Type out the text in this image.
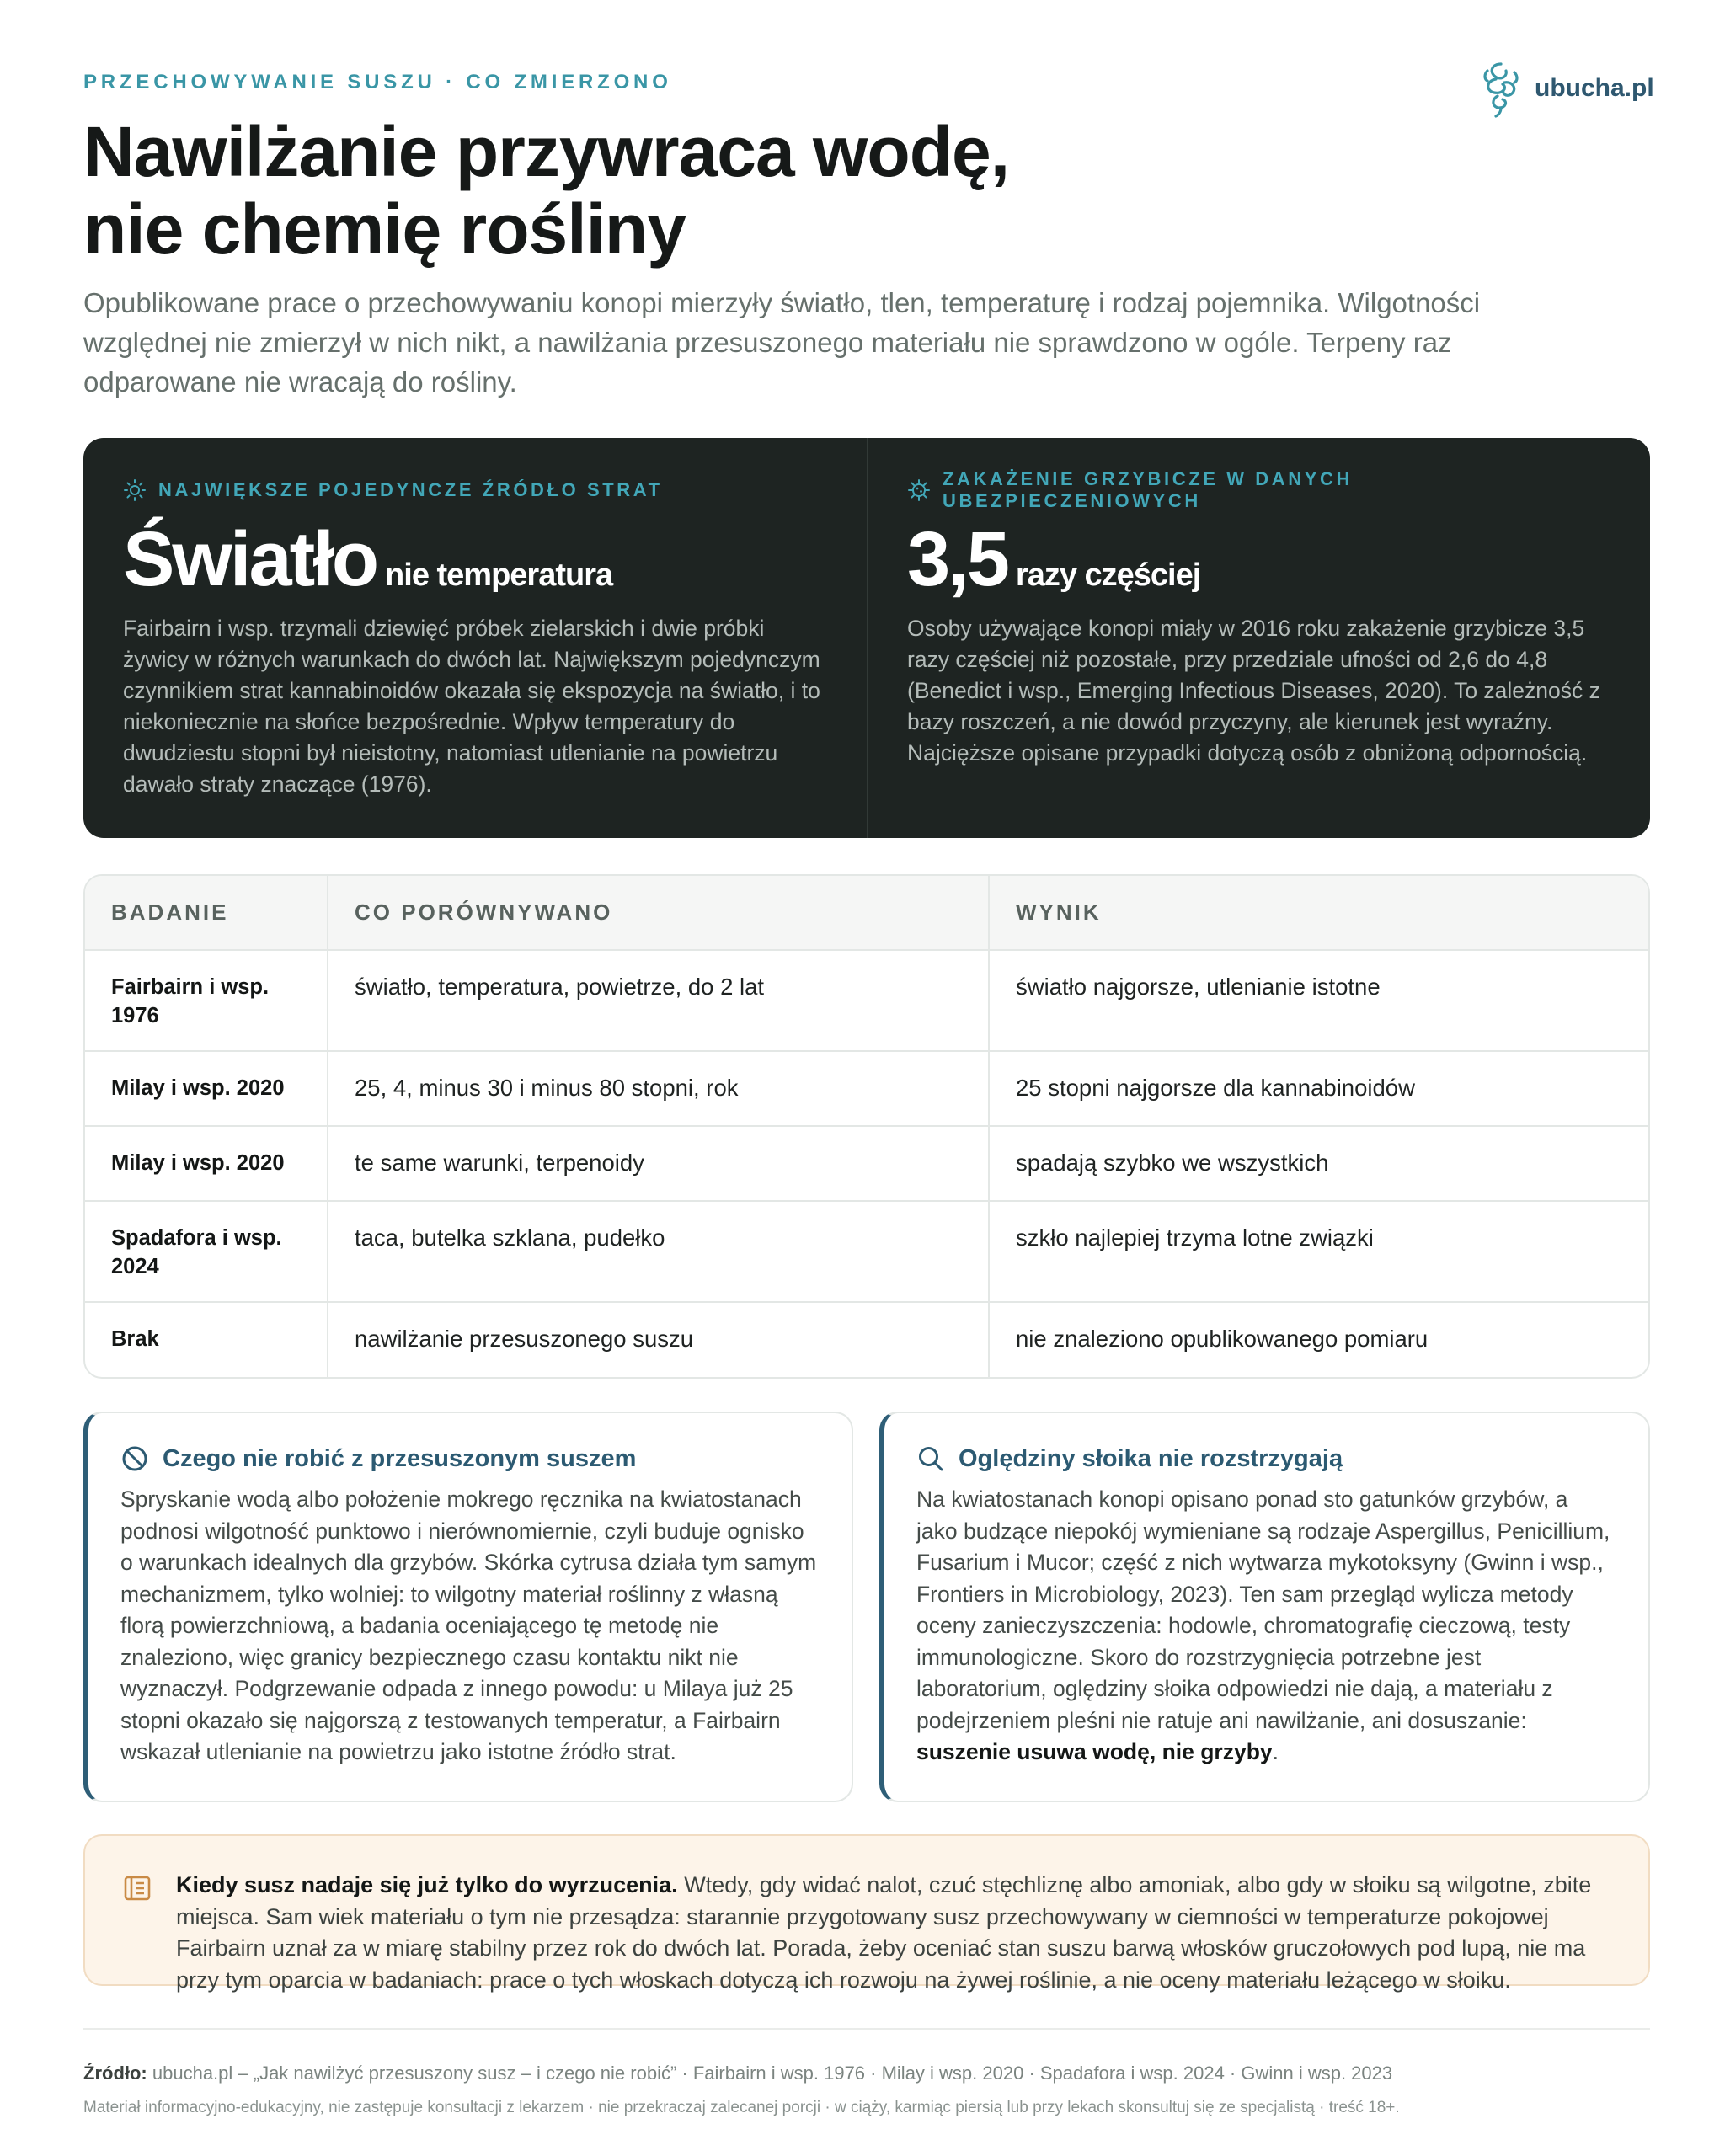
PRZECHOWYWANIE SUSZU · CO ZMIERZONO	ubucha.pl
Nawilżanie przywraca wodę,
nie chemię rośliny

Opublikowane prace o przechowywaniu konopi mierzyły światło, tlen, temperaturę i rodzaj pojemnika. Wilgotności względnej nie zmierzył w nich nikt, a nawilżania przesuszonego materiału nie sprawdzono w ogóle. Terpeny raz odparowane nie wracają do rośliny.

NAJWIĘKSZE POJEDYNCZE ŹRÓDŁO STRAT
Światło nie temperatura

Fairbairn i wsp. trzymali dziewięć próbek zielarskich i dwie próbki żywicy w różnych warunkach do dwóch lat. Największym pojedynczym czynnikiem strat kannabinoidów okazała się ekspozycja na światło, i to niekoniecznie na słońce bezpośrednie. Wpływ temperatury do dwudziestu stopni był nieistotny, natomiast utlenianie na powietrzu dawało straty znaczące (1976).

ZAKAŻENIE GRZYBICZE W DANYCH UBEZPIECZENIOWYCH
3,5 razy częściej

Osoby używające konopi miały w 2016 roku zakażenie grzybicze 3,5 razy częściej niż pozostałe, przy przedziale ufności od 2,6 do 4,8 (Benedict i wsp., Emerging Infectious Diseases, 2020). To zależność z bazy roszczeń, a nie dowód przyczyny, ale kierunek jest wyraźny. Najcięższe opisane przypadki dotyczą osób z obniżoną odpornością.

BADANIE	CO PORÓWNYWANO	WYNIK
Fairbairn i wsp. 1976	światło, temperatura, powietrze, do 2 lat	światło najgorsze, utlenianie istotne
Milay i wsp. 2020	25, 4, minus 30 i minus 80 stopni, rok	25 stopni najgorsze dla kannabinoidów
Milay i wsp. 2020	te same warunki, terpenoidy	spadają szybko we wszystkich
Spadafora i wsp. 2024	taca, butelka szklana, pudełko	szkło najlepiej trzyma lotne związki
Brak	nawilżanie przesuszonego suszu	nie znaleziono opublikowanego pomiaru
Czego nie robić z przesuszonym suszem

Spryskanie wodą albo położenie mokrego ręcznika na kwiatostanach podnosi wilgotność punktowo i nierównomiernie, czyli buduje ognisko o warunkach idealnych dla grzybów. Skórka cytrusa działa tym samym mechanizmem, tylko wolniej: to wilgotny materiał roślinny z własną florą powierzchniową, a badania oceniającego tę metodę nie znaleziono, więc granicy bezpiecznego czasu kontaktu nikt nie wyznaczył. Podgrzewanie odpada z innego powodu: u Milaya już 25 stopni okazało się najgorszą z testowanych temperatur, a Fairbairn wskazał utlenianie na powietrzu jako istotne źródło strat.

Oględziny słoika nie rozstrzygają

Na kwiatostanach konopi opisano ponad sto gatunków grzybów, a jako budzące niepokój wymieniane są rodzaje Aspergillus, Penicillium, Fusarium i Mucor; część z nich wytwarza mykotoksyny (Gwinn i wsp., Frontiers in Microbiology, 2023). Ten sam przegląd wylicza metody oceny zanieczyszczenia: hodowle, chromatografię cieczową, testy immunologiczne. Skoro do rozstrzygnięcia potrzebne jest laboratorium, oględziny słoika odpowiedzi nie dają, a materiału z podejrzeniem pleśni nie ratuje ani nawilżanie, ani dosuszanie: suszenie usuwa wodę, nie grzyby.

Kiedy susz nadaje się już tylko do wyrzucenia. Wtedy, gdy widać nalot, czuć stęchliznę albo amoniak, albo gdy w słoiku są wilgotne, zbite miejsca. Sam wiek materiału o tym nie przesądza: starannie przygotowany susz przechowywany w ciemności w temperaturze pokojowej Fairbairn uznał za w miarę stabilny przez rok do dwóch lat. Porada, żeby oceniać stan suszu barwą włosków gruczołowych pod lupą, nie ma przy tym oparcia w badaniach: prace o tych włoskach dotyczą ich rozwoju na żywej roślinie, a nie oceny materiału leżącego w słoiku.

Źródło: ubucha.pl – „Jak nawilżyć przesuszony susz – i czego nie robić” · Fairbairn i wsp. 1976 · Milay i wsp. 2020 · Spadafora i wsp. 2024 · Gwinn i wsp. 2023

Materiał informacyjno-edukacyjny, nie zastępuje konsultacji z lekarzem · nie przekraczaj zalecanej porcji · w ciąży, karmiąc piersią lub przy lekach skonsultuj się ze specjalistą · treść 18+.
